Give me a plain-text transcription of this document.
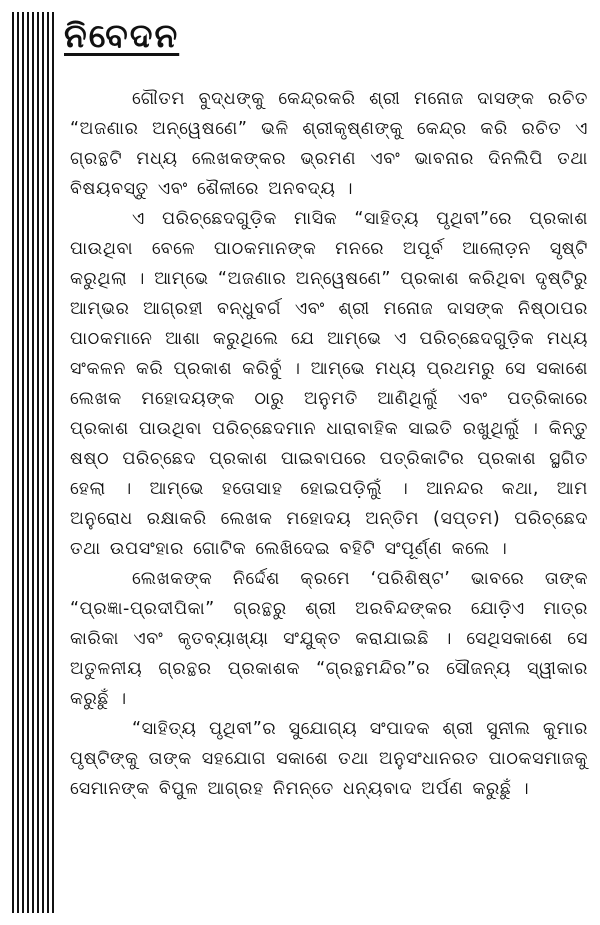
ନିବେଦନ

ଗୌତମ ବୁଦ୍ଧଙ୍କୁ କେନ୍ଦ୍ରକରି ଶ୍ରୀ ମନୋଜ ଦାସଙ୍କ ରଚିତ “ଅଜଣାର ଅନ୍ୱେଷଣେ” ଭଳି ଶ୍ରୀକୃଷ୍ଣଙ୍କୁ କେନ୍ଦ୍ର କରି ରଚିତ ଏ ଗ୍ରନ୍ଥଟି ମଧ୍ୟ ଲେଖକଙ୍କର ଭ୍ରମଣ ଏବଂ ଭାବନାର ଦିନଲିପି ତଥା ବିଷୟବସ୍ତୁ ଏବଂ ଶୈଳୀରେ ଅନବଦ୍ୟ ।

ଏ ପରିଚ୍ଛେଦଗୁଡ଼ିକ ମାସିକ “ସାହିତ୍ୟ ପୃଥିବୀ”ରେ ପ୍ରକାଶ ପାଉଥିବା ବେଳେ ପାଠକମାନଙ୍କ ମନରେ ଅପୂର୍ବ ଆଲୋଡ଼ନ ସୃଷ୍ଟି କରୁଥିଲା । ଆମ୍ଭେ “ଅଜଣାର ଅନ୍ୱେଷଣେ” ପ୍ରକାଶ କରିଥିବା ଦୃଷ୍ଟିରୁ ଆମ୍ଭର ଆଗ୍ରହୀ ବନ୍ଧୁବର୍ଗ ଏବଂ ଶ୍ରୀ ମନୋଜ ଦାସଙ୍କ ନିଷ୍ଠାପର ପାଠକମାନେ ଆଶା କରୁଥିଲେ ଯେ ଆମ୍ଭେ ଏ ପରିଚ୍ଛେଦଗୁଡ଼ିକ ମଧ୍ୟ ସଂକଳନ କରି ପ୍ରକାଶ କରିବୁଁ । ଆମ୍ଭେ ମଧ୍ୟ ପ୍ରଥମରୁ ସେ ସକାଶେ ଲେଖକ ମହୋଦୟଙ୍କ ଠାରୁ ଅନୁମତି ଆଣିଥିଲୁଁ ଏବଂ ପତ୍ରିକାରେ ପ୍ରକାଶ ପାଉଥିବା ପରିଚ୍ଛେଦମାନ ଧାରାବାହିକ ସାଇତି ରଖୁଥିଲୁଁ । କିନ୍ତୁ ଷଷ୍ଠ ପରିଚ୍ଛେଦ ପ୍ରକାଶ ପାଇବାପରେ ପତ୍ରିକାଟିର ପ୍ରକାଶ ସ୍ଥଗିତ ହେଲା । ଆମ୍ଭେ ହତୋସାହ ହୋଇପଡ଼ିଲୁଁ । ଆନନ୍ଦର କଥା, ଆମ ଅନୁରୋଧ ରକ୍ଷାକରି ଲେଖକ ମହୋଦୟ ଅନ୍ତିମ (ସପ୍ତମ) ପରିଚ୍ଛେଦ ତଥା ଉପସଂହାର ଗୋଟିକ ଲେଖିଦେଇ ବହିଟି ସଂପୂର୍ଣ୍ଣ କଲେ ।

ଲେଖକଙ୍କ ନିର୍ଦ୍ଦେଶ କ୍ରମେ ‘ପରିଶିଷ୍ଟ’ ଭାବରେ ତାଙ୍କ “ପ୍ରଜ୍ଞା-ପ୍ରଦୀପିକା” ଗ୍ରନ୍ଥରୁ ଶ୍ରୀ ଅରବିନ୍ଦଙ୍କର ଯୋଡ଼ିଏ ମାତ୍ର କାରିକା ଏବଂ କୃତବ୍ୟାଖ୍ୟା ସଂଯୁକ୍ତ କରାଯାଇଛି । ସେଥିସକାଶେ ସେ ଅତୁଳନୀୟ ଗ୍ରନ୍ଥର ପ୍ରକାଶକ “ଗ୍ରନ୍ଥମନ୍ଦିର”ର ସୌଜନ୍ୟ ସ୍ୱୀକାର କରୁଛୁଁ ।

“ସାହିତ୍ୟ ପୃଥିବୀ”ର ସୁଯୋଗ୍ୟ ସଂପାଦକ ଶ୍ରୀ ସୁନୀଲ କୁମାର ପୃଷ୍ଟିଙ୍କୁ ତାଙ୍କ ସହଯୋଗ ସକାଶେ ତଥା ଅନୁସଂଧାନରତ ପାଠକସମାଜକୁ ସେମାନଙ୍କ ବିପୁଳ ଆଗ୍ରହ ନିମନ୍ତେ ଧନ୍ୟବାଦ ଅର୍ପଣ କରୁଛୁଁ ।
